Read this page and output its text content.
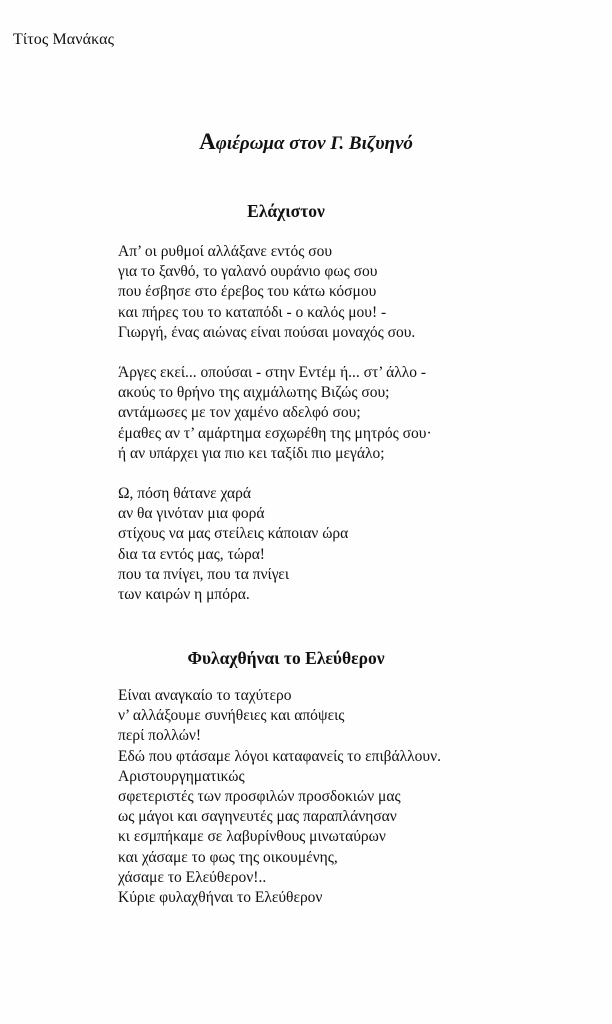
Τίτος Μανάκας
Αφιέρωμα στον Γ. Βιζυηνό
Ελάχιστον
Απ’ οι ρυθμοί αλλάξανε εντός σου
για το ξανθό, το γαλανό ουράνιο φως σου
που έσβησε στο έρεβος του κάτω κόσμου
και πήρες του το καταπόδι - ο καλός μου! -
Γιωργή, ένας αιώνας είναι πούσαι μοναχός σου.
Άργες εκεί... οπούσαι - στην Εντέμ ή... στ’ άλλο -
ακούς το θρήνο της αιχμάλωτης Βιζώς σου;
αντάμωσες με τον χαμένο αδελφό σου;
έμαθες αν τ’ αμάρτημα εσχωρέθη της μητρός σου·
ή αν υπάρχει για πιο κει ταξίδι πιο μεγάλο;
Ω, πόση θάτανε χαρά
αν θα γινόταν μια φορά
στίχους να μας στείλεις κάποιαν ώρα
δια τα εντός μας, τώρα!
που τα πνίγει, που τα πνίγει
των καιρών η μπόρα.
Φυλαχθήναι το Ελεύθερον
Είναι αναγκαίο το ταχύτερο
ν’ αλλάξουμε συνήθειες και απόψεις
περί πολλών!
Εδώ που φτάσαμε λόγοι καταφανείς το επιβάλλουν.
Αριστουργηματικώς
σφετεριστές των προσφιλών προσδοκιών μας
ως μάγοι και σαγηνευτές μας παραπλάνησαν
κι εσμπήκαμε σε λαβυρίνθους μινωταύρων
και χάσαμε το φως της οικουμένης,
χάσαμε το Ελεύθερον!..
Κύριε φυλαχθήναι το Ελεύθερον
